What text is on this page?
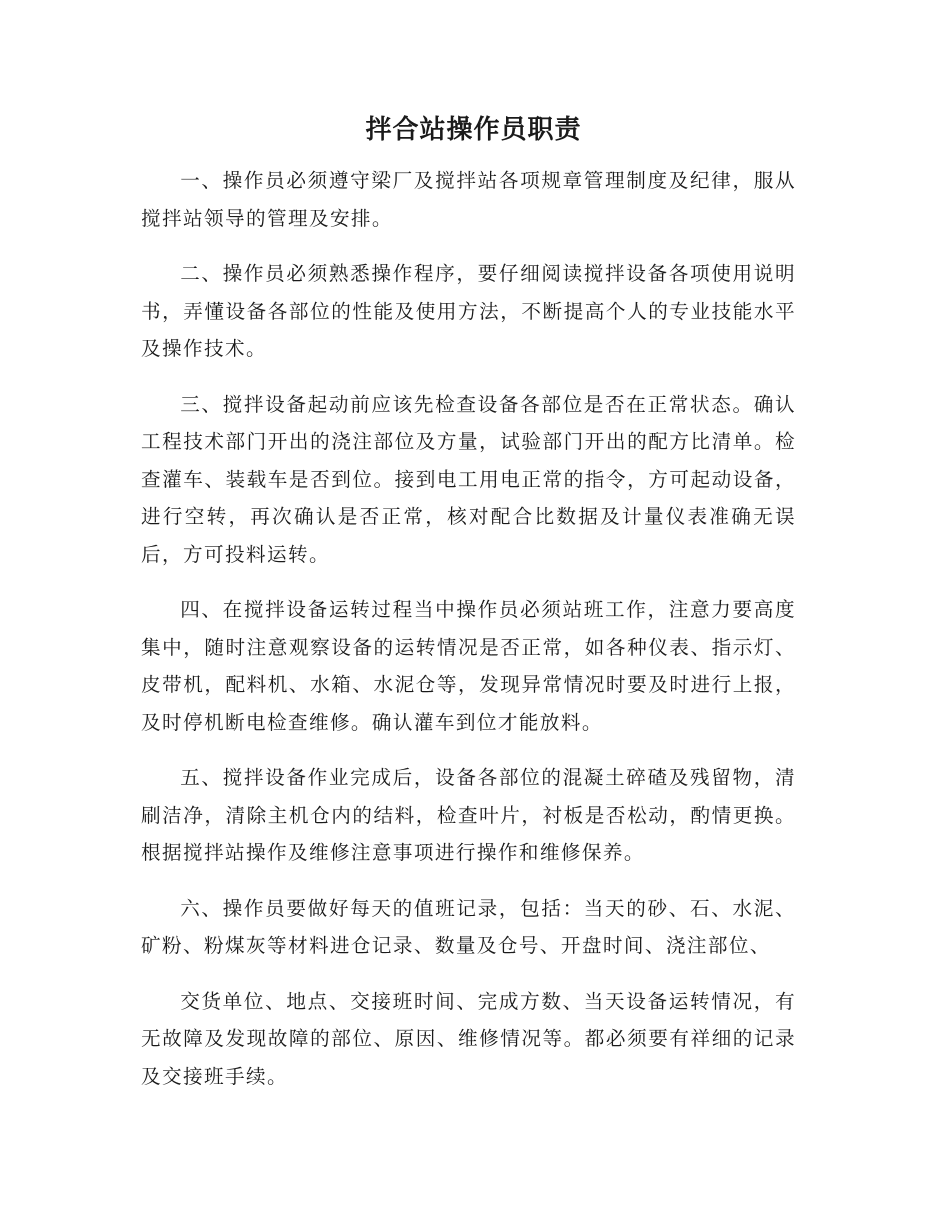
拌合站操作员职责

一、操作员必须遵守梁厂及搅拌站各项规章管理制度及纪律，服从搅拌站领导的管理及安排。

二、操作员必须熟悉操作程序，要仔细阅读搅拌设备各项使用说明书，弄懂设备各部位的性能及使用方法，不断提高个人的专业技能水平及操作技术。

三、搅拌设备起动前应该先检查设备各部位是否在正常状态。确认工程技术部门开出的浇注部位及方量，试验部门开出的配方比清单。检查灌车、装载车是否到位。接到电工用电正常的指令，方可起动设备，进行空转，再次确认是否正常，核对配合比数据及计量仪表准确无误后，方可投料运转。

四、在搅拌设备运转过程当中操作员必须站班工作，注意力要高度集中，随时注意观察设备的运转情况是否正常，如各种仪表、指示灯、皮带机，配料机、水箱、水泥仓等，发现异常情况时要及时进行上报，及时停机断电检查维修。确认灌车到位才能放料。

五、搅拌设备作业完成后，设备各部位的混凝土碎碴及残留物，清刷洁净，清除主机仓内的结料，检查叶片，衬板是否松动，酌情更换。根据搅拌站操作及维修注意事项进行操作和维修保养。

六、操作员要做好每天的值班记录，包括：当天的砂、石、水泥、矿粉、粉煤灰等材料进仓记录、数量及仓号、开盘时间、浇注部位、

交货单位、地点、交接班时间、完成方数、当天设备运转情况，有无故障及发现故障的部位、原因、维修情况等。都必须要有祥细的记录及交接班手续。
